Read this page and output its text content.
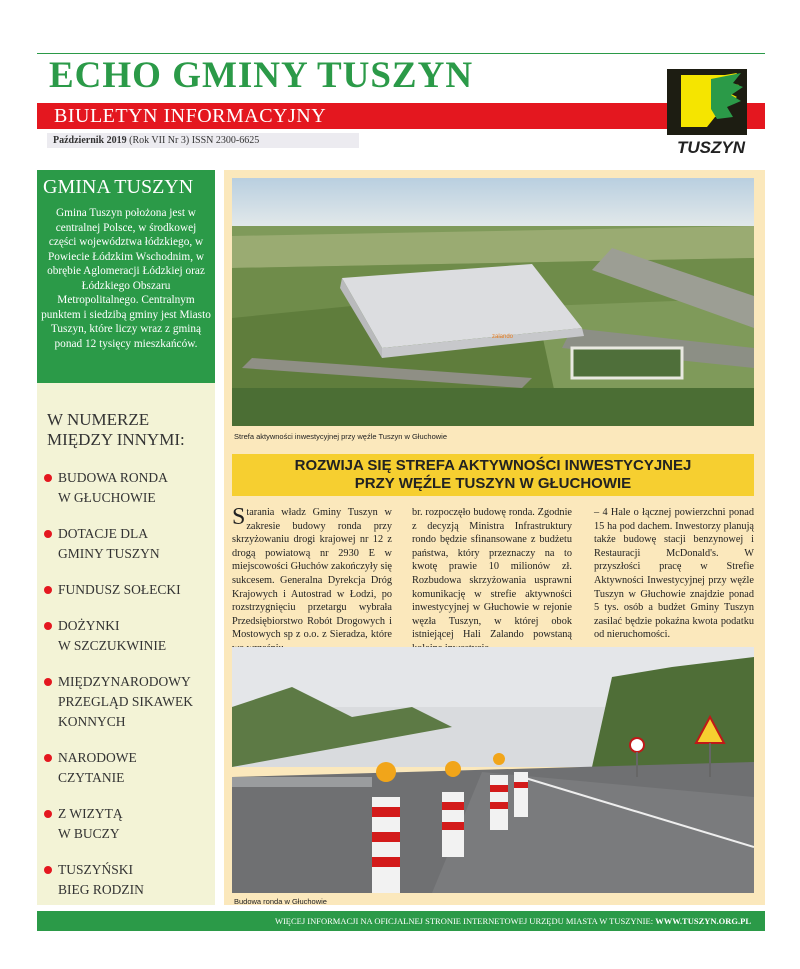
ECHO GMINY TUSZYN
BIULETYN INFORMACYJNY
Październik 2019 (Rok VII Nr 3) ISSN 2300-6625	TUSZYN
GMINA TUSZYN

Gmina Tuszyn położona jest w centralnej Polsce, w środkowej części województwa łódzkiego, w Powiecie Łódzkim Wschodnim, w obrębie Aglomeracji Łódzkiej oraz Łódzkiego Obszaru Metropolitalnego. Centralnym punktem i siedzibą gminy jest Miasto Tuszyn, które liczy wraz z gminą ponad 12 tysięcy mieszkańców.

W NUMERZE
MIĘDZY INNYMI:
BUDOWA RONDA
W GŁUCHOWIE
DOTACJE DLA
GMINY TUSZYN
FUNDUSZ SOŁECKI
DOŻYNKI
W SZCZUKWINIE
MIĘDZYNARODOWY
PRZEGLĄD SIKAWEK
KONNYCH
NARODOWE
CZYTANIE
Z WIZYTĄ
W BUCZY
TUSZYŃSKI
BIEG RODZIN
zalando
Strefa aktywności inwestycyjnej przy węźle Tuszyn w Głuchowie
ROZWIJA SIĘ STREFA AKTYWNOŚCI INWESTYCYJNEJ
PRZY WĘŹLE TUSZYN W GŁUCHOWIE
Starania władz Gminy Tuszyn w zakresie budowy ronda przy skrzyżowaniu drogi krajowej nr 12 z drogą powiatową nr 2930 E w miejscowości Głuchów zakończyły się sukcesem. Generalna Dyrekcja Dróg Krajowych i Autostrad w Łodzi, po rozstrzygnięciu przetargu wybrała Przedsiębiorstwo Robót Drogowych i Mostowych sp z o.o. z Sieradza, które
br. rozpoczęło budowę ronda. Zgodnie z decyzją Ministra Infrastruktury rondo będzie sfinansowane z budżetu państwa, który przeznaczy na to kwotę prawie 10 milionów zł. Rozbudowa skrzyżowania usprawni komunikację w strefie aktywności inwestycyjnej w Głuchowie w rejonie węzła Tuszyn, w której obok istniejącej Hali Zalando powstaną
– 4 Hale o łącznej powierzchni ponad 15 ha pod dachem. Inwestorzy planują także budowę stacji benzynowej i Restauracji McDonald's. W przyszłości pracę w Strefie Aktywności Inwestycyjnej przy węźle Tuszyn w Głuchowie znajdzie ponad 5 tys. osób a budżet Gminy Tuszyn zasilać będzie pokaźna kwota podatku od nieruchomości.
Budowa ronda w Głuchowie
WIĘCEJ INFORMACJI NA OFICJALNEJ STRONIE INTERNETOWEJ URZĘDU MIASTA W TUSZYNIE: WWW.TUSZYN.ORG.PL
